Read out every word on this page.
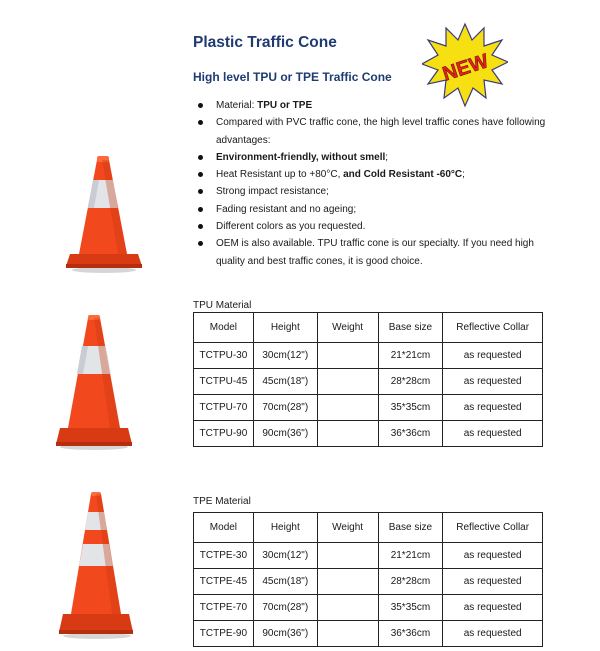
NEW
Plastic Traffic Cone
High level TPU or TPE Traffic Cone
Material: TPU or TPE
Compared with PVC traffic cone, the high level traffic cones have following advantages:
Environment-friendly, without smell;
Heat Resistant up to +80°C, and Cold Resistant -60°C;
Strong impact resistance;
Fading resistant and no ageing;
Different colors as you requested.
OEM is also available. TPU traffic cone is our specialty. If you need high quality and best traffic cones, it is good choice.
TPU Material
Model	Height	Weight	Base size	Reflective Collar
TCTPU-30	30cm(12")		21*21cm	as requested
TCTPU-45	45cm(18")		28*28cm	as requested
TCTPU-70	70cm(28")		35*35cm	as requested
TCTPU-90	90cm(36")		36*36cm	as requested
TPE Material
Model	Height	Weight	Base size	Reflective Collar
TCTPE-30	30cm(12")		21*21cm	as requested
TCTPE-45	45cm(18")		28*28cm	as requested
TCTPE-70	70cm(28")		35*35cm	as requested
TCTPE-90	90cm(36")		36*36cm	as requested
